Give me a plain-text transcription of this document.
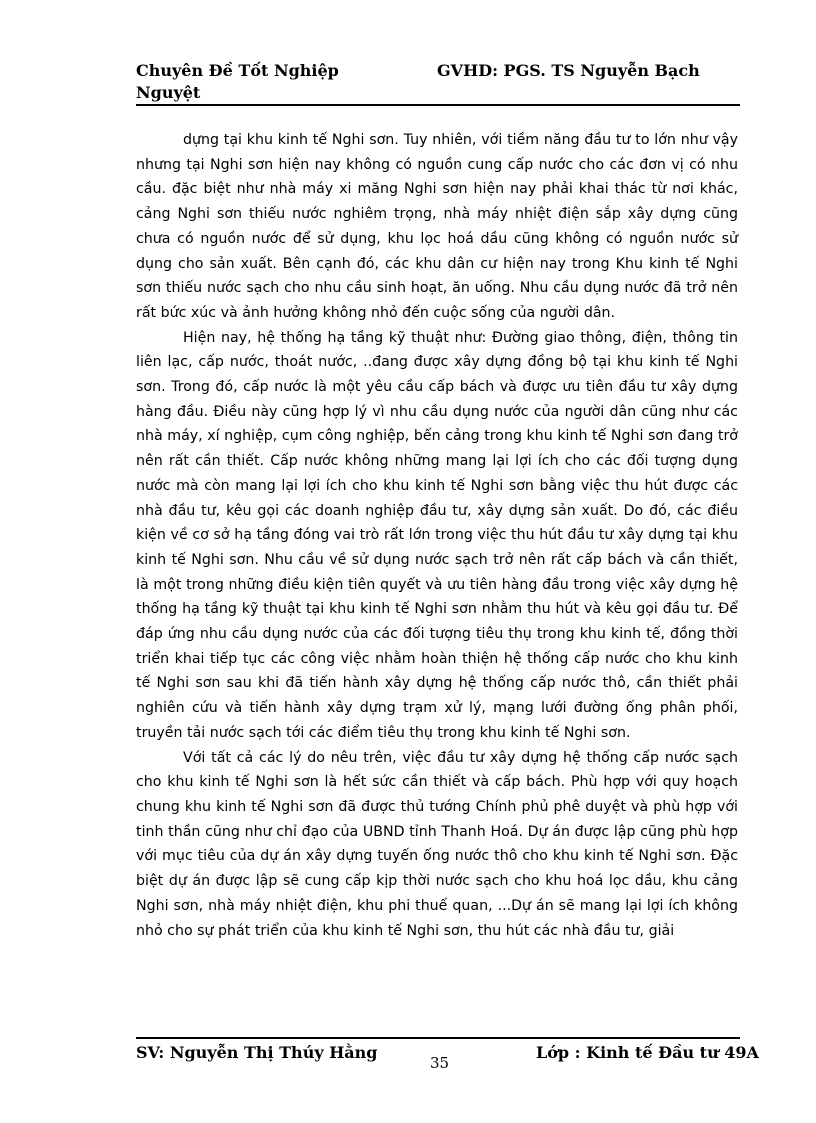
Chuyên Đề Tốt Nghiệp
Nguyệt
GVHD: PGS. TS Nguyễn Bạch

dựng tại khu kinh tế Nghi sơn. Tuy nhiên, với tiềm năng đầu tư to lớn như vậy nhưng tại Nghi sơn hiện nay không có nguồn cung cấp nước cho các đơn vị có nhu cầu. đặc biệt như nhà máy xi măng Nghi sơn hiện nay phải khai thác từ nơi khác, cảng Nghi sơn thiếu nước nghiêm trọng, nhà máy nhiệt điện sắp xây dựng cũng chưa có nguồn nước để sử dụng, khu lọc hoá dầu cũng không có nguồn nước sử dụng cho sản xuất. Bên cạnh đó, các khu dân cư hiện nay trong Khu kinh tế Nghi sơn thiếu nước sạch cho nhu cầu sinh hoạt, ăn uống. Nhu cầu dụng nước đã trở nên rất bức xúc và ảnh hưởng không nhỏ đến cuộc sống của người dân.

Hiện nay, hệ thống hạ tầng kỹ thuật như: Đường giao thông, điện, thông tin liên lạc, cấp nước, thoát nước, ..đang được xây dựng đồng bộ tại khu kinh tế Nghi sơn. Trong đó, cấp nước là một yêu cầu cấp bách và được ưu tiên đầu tư xây dựng hàng đầu. Điều này cũng hợp lý vì nhu cầu dụng nước của người dân cũng như các nhà máy, xí nghiệp, cụm công nghiệp, bến cảng trong khu kinh tế Nghi sơn đang trở nên rất cần thiết. Cấp nước không những mang lại lợi ích cho các đối tượng dụng nước mà còn mang lại lợi ích cho khu kinh tế Nghi sơn bằng việc thu hút được các nhà đầu tư, kêu gọi các doanh nghiệp đầu tư, xây dựng sản xuất. Do đó, các điều kiện về cơ sở hạ tầng đóng vai trò rất lớn trong việc thu hút đầu tư xây dựng tại khu kinh tế Nghi sơn. Nhu cầu về sử dụng nước sạch trở nên rất cấp bách và cần thiết, là một trong những điều kiện tiên quyết và ưu tiên hàng đầu trong việc xây dựng hệ thống hạ tầng kỹ thuật tại khu kinh tế Nghi sơn nhằm thu hút và kêu gọi đầu tư. Để đáp ứng nhu cầu dụng nước của các đối tượng tiêu thụ trong khu kinh tế, đồng thời triển khai tiếp tục các công việc nhằm hoàn thiện hệ thống cấp nước cho khu kinh tế Nghi sơn sau khi đã tiến hành xây dựng hệ thống cấp nước thô, cần thiết phải nghiên cứu và tiến hành xây dựng trạm xử lý, mạng lưới đường ống phân phối, truyền tải nước sạch tới các điểm tiêu thụ trong khu kinh tế Nghi sơn.

Với tất cả các lý do nêu trên, việc đầu tư xây dựng hệ thống cấp nước sạch cho khu kinh tế Nghi sơn là hết sức cần thiết và cấp bách. Phù hợp với quy hoạch chung khu kinh tế Nghi sơn đã được thủ tướng Chính phủ phê duyệt và phù hợp với tinh thần cũng như chỉ đạo của UBND tỉnh Thanh Hoá. Dự án được lập cũng phù hợp với mục tiêu của dự án xây dựng tuyến ống nước thô cho khu kinh tế Nghi sơn. Đặc biệt dự án được lập sẽ cung cấp kịp thời nước sạch cho khu hoá lọc dầu, khu cảng Nghi sơn, nhà máy nhiệt điện, khu phi thuế quan, ...Dự án sẽ mang lại lợi ích không nhỏ cho sự phát triển của khu kinh tế Nghi sơn, thu hút các nhà đầu tư, giải

SV: Nguyễn Thị Thúy Hằng
35
Lớp : Kinh tế Đầu tư 49A
